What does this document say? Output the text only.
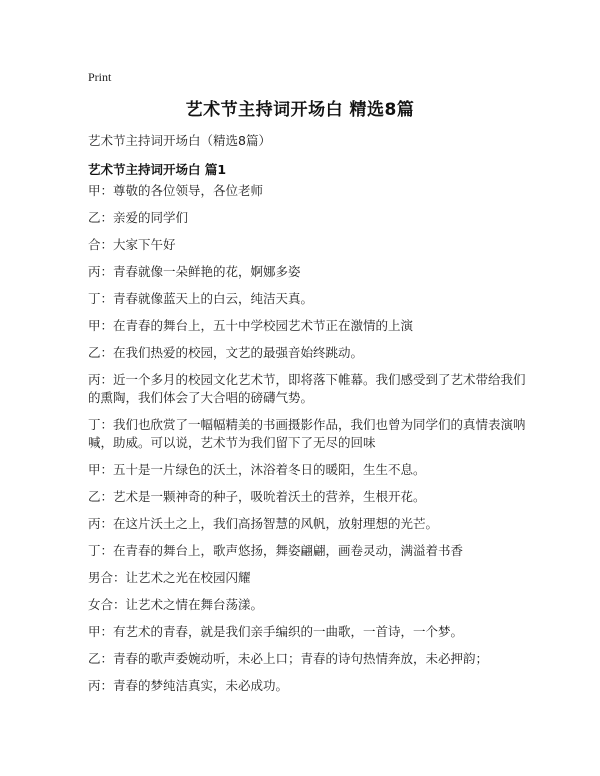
Print
艺术节主持词开场白 精选8篇
艺术节主持词开场白（精选8篇）
艺术节主持词开场白 篇1
甲：尊敬的各位领导，各位老师
乙：亲爱的同学们
合：大家下午好
丙：青春就像一朵鲜艳的花，婀娜多姿
丁：青春就像蓝天上的白云，纯洁天真。
甲：在青春的舞台上，五十中学校园艺术节正在激情的上演
乙：在我们热爱的校园，文艺的最强音始终跳动。
丙：近一个多月的校园文化艺术节，即将落下帷幕。我们感受到了艺术带给我们的熏陶，我们体会了大合唱的磅礴气势。
丁：我们也欣赏了一幅幅精美的书画摄影作品，我们也曾为同学们的真情表演呐喊，助威。可以说，艺术节为我们留下了无尽的回味
甲：五十是一片绿色的沃土，沐浴着冬日的暖阳，生生不息。
乙：艺术是一颗神奇的种子，吸吮着沃土的营养，生根开花。
丙：在这片沃土之上，我们高扬智慧的风帆，放射理想的光芒。
丁：在青春的舞台上，歌声悠扬，舞姿翩翩，画卷灵动，满溢着书香
男合：让艺术之光在校园闪耀
女合：让艺术之情在舞台荡漾。
甲：有艺术的青春，就是我们亲手编织的一曲歌，一首诗，一个梦。
乙：青春的歌声委婉动听，未必上口；青春的诗句热情奔放，未必押韵；
丙：青春的梦纯洁真实，未必成功。
